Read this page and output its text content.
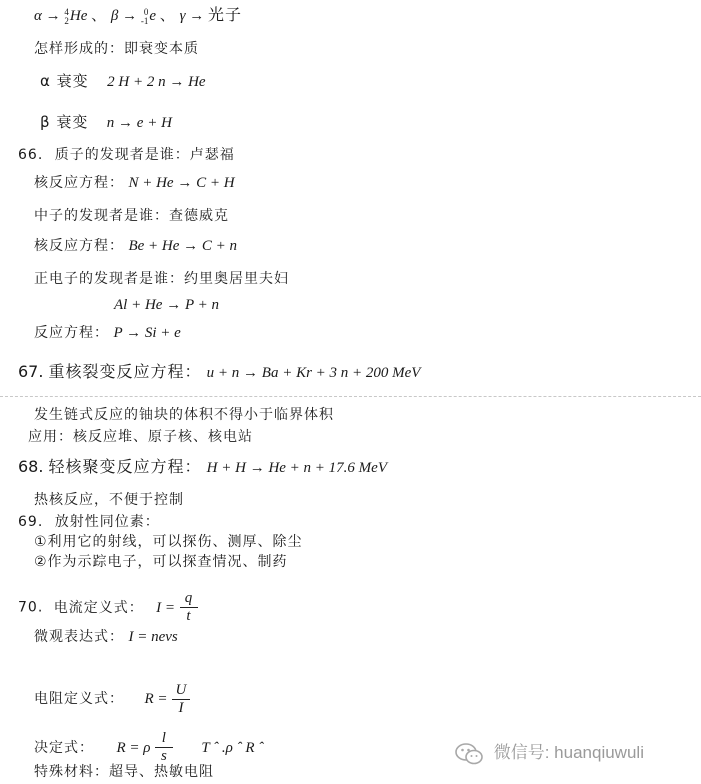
α → 4
2 He 、 β → 0
-1 e 、 γ → 光子
怎样形成的：即衰变本质
α 衰变 2 H + 2 n → He
β 衰变 n → e + H
66. 质子的发现者是谁：卢瑟福
核反应方程： N + He → C + H
中子的发现者是谁：查德威克
核反应方程： Be + He → C + n
正电子的发现者是谁：约里奥居里夫妇
Al + He → P + n
反应方程： P → Si + e
67. 重核裂变反应方程： u + n → Ba + Kr + 3 n + 200 MeV
发生链式反应的铀块的体积不得小于临界体积
应用：核反应堆、原子核、核电站
68. 轻核聚变反应方程： H + H → He + n + 17.6 MeV
热核反应，不便于控制
69. 放射性同位素：
①利用它的射线，可以探伤、测厚、除尘
②作为示踪电子，可以探查情况、制药
70. 电流定义式： $I = \frac{q}{t}$
微观表达式： I = nevs
电阻定义式： $R = \frac{U}{I}$
决定式： R = ρ $\frac{l}{s}$ T ˆ .ρ ˆ R ˆ
特殊材料：超导、热敏电阻
微信号: huanqiuwuli
